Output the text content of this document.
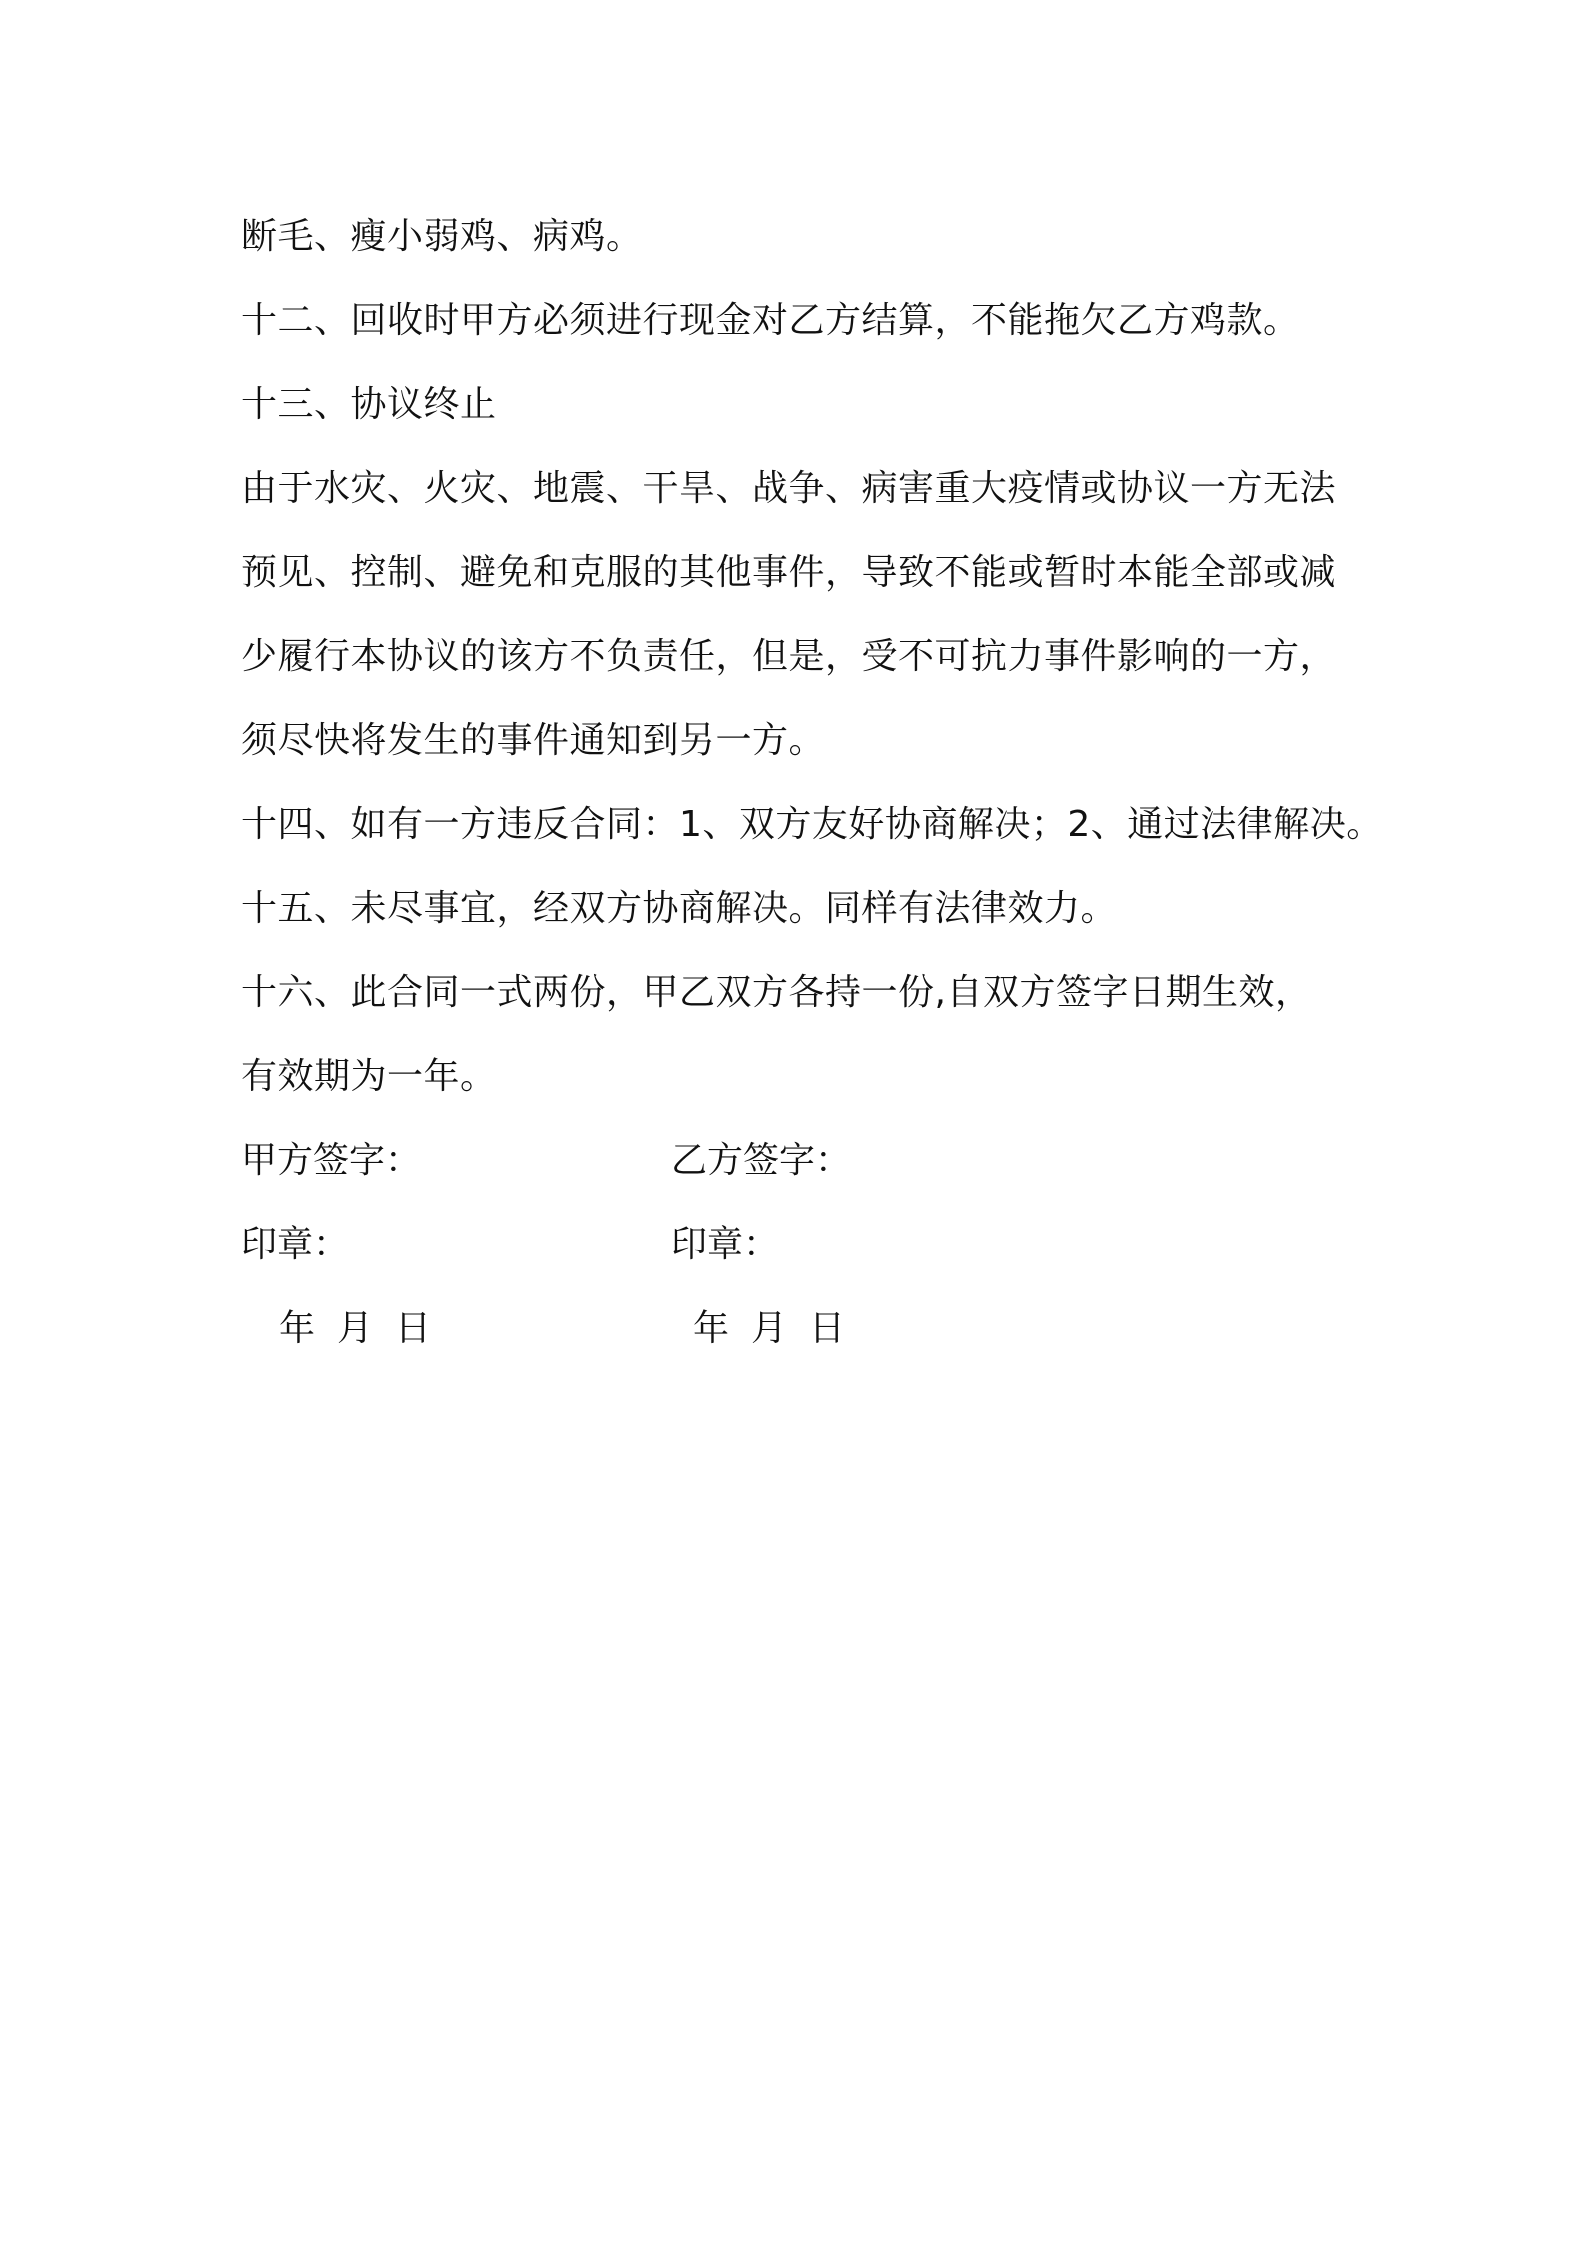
断毛、瘦小弱鸡、病鸡。
十二、回收时甲方必须进行现金对乙方结算，不能拖欠乙方鸡款。
十三、协议终止
由于水灾、火灾、地震、干旱、战争、病害重大疫情或协议一方无法
预见、控制、避免和克服的其他事件，导致不能或暂时本能全部或减
少履行本协议的该方不负责任，但是，受不可抗力事件影响的一方，
须尽快将发生的事件通知到另一方。
十四、如有一方违反合同：1、双方友好协商解决；2、通过法律解决。
十五、未尽事宜，经双方协商解决。同样有法律效力。
十六、此合同一式两份，甲乙双方各持一份,自双方签字日期生效，
有效期为一年。
甲方签字：	乙方签字：
印章：	印章：
年 月 日	年 月 日
